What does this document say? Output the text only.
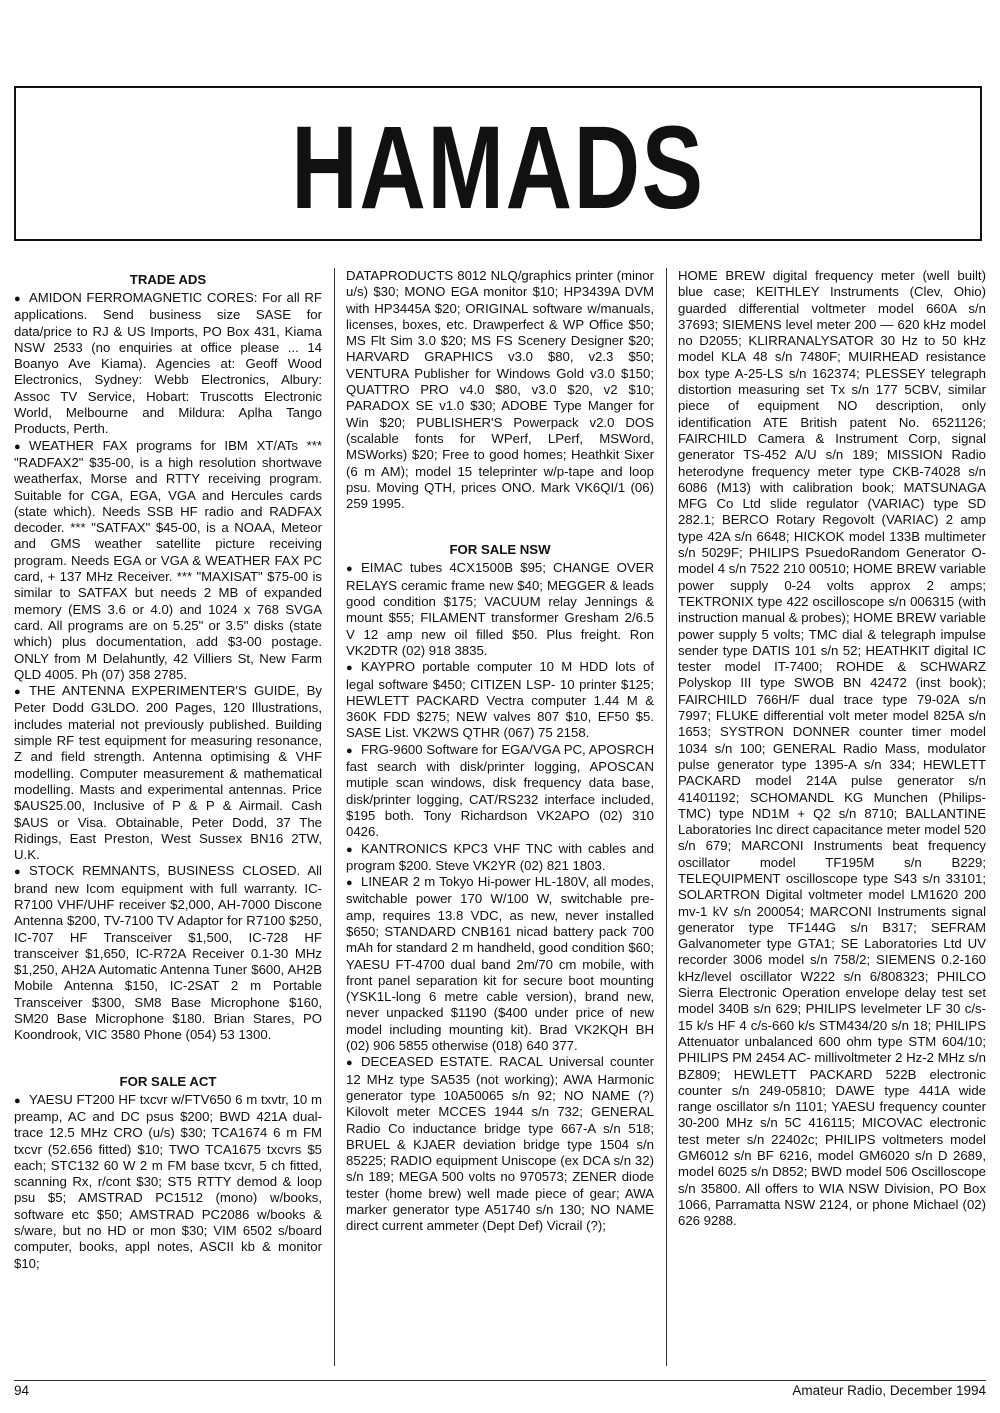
HAMADS
TRADE ADS

● AMIDON FERROMAGNETIC CORES: For all RF applications. Send business size SASE for data/price to RJ & US Imports, PO Box 431, Kiama NSW 2533 (no enquiries at office please ... 14 Boanyo Ave Kiama). Agencies at: Geoff Wood Electronics, Sydney: Webb Electronics, Albury: Assoc TV Service, Hobart: Truscotts Electronic World, Melbourne and Mildura: Aplha Tango Products, Perth.

● WEATHER FAX programs for IBM XT/ATs *** "RADFAX2" $35-00, is a high resolution shortwave weatherfax, Morse and RTTY receiving program. Suitable for CGA, EGA, VGA and Hercules cards (state which). Needs SSB HF radio and RADFAX decoder. *** "SATFAX" $45-00, is a NOAA, Meteor and GMS weather satellite picture receiving program. Needs EGA or VGA & WEATHER FAX PC card, + 137 MHz Receiver. *** "MAXISAT" $75-00 is similar to SATFAX but needs 2 MB of expanded memory (EMS 3.6 or 4.0) and 1024 x 768 SVGA card. All programs are on 5.25" or 3.5" disks (state which) plus documentation, add $3-00 postage. ONLY from M Delahuntly, 42 Villiers St, New Farm QLD 4005. Ph (07) 358 2785.

● THE ANTENNA EXPERIMENTER'S GUIDE, By Peter Dodd G3LDO. 200 Pages, 120 Illustrations, includes material not previously published. Building simple RF test equipment for measuring resonance, Z and field strength. Antenna optimising & VHF modelling. Computer measurement & mathematical modelling. Masts and experimental antennas. Price $AUS25.00, Inclusive of P & P & Airmail. Cash $AUS or Visa. Obtainable, Peter Dodd, 37 The Ridings, East Preston, West Sussex BN16 2TW, U.K.

● STOCK REMNANTS, BUSINESS CLOSED. All brand new Icom equipment with full warranty. IC-R7100 VHF/UHF receiver $2,000, AH-7000 Discone Antenna $200, TV-7100 TV Adaptor for R7100 $250, IC-707 HF Transceiver $1,500, IC-728 HF transceiver $1,650, IC-R72A Receiver 0.1-30 MHz $1,250, AH2A Automatic Antenna Tuner $600, AH2B Mobile Antenna $150, IC-2SAT 2 m Portable Transceiver $300, SM8 Base Microphone $160, SM20 Base Microphone $180. Brian Stares, PO Koondrook, VIC 3580 Phone (054) 53 1300.

FOR SALE ACT

● YAESU FT200 HF txcvr w/FTV650 6 m txvtr, 10 m preamp, AC and DC psus $200; BWD 421A dual-trace 12.5 MHz CRO (u/s) $30; TCA1674 6 m FM txcvr (52.656 fitted) $10; TWO TCA1675 txcvrs $5 each; STC132 60 W 2 m FM base txcvr, 5 ch fitted, scanning Rx, r/cont $30; ST5 RTTY demod & loop psu $5; AMSTRAD PC1512 (mono) w/books, software etc $50; AMSTRAD PC2086 w/books & s/ware, but no HD or mon $30; VIM 6502 s/board computer, books, appl notes, ASCII kb & monitor $10;

DATAPRODUCTS 8012 NLQ/graphics printer (minor u/s) $30; MONO EGA monitor $10; HP3439A DVM with HP3445A $20; ORIGINAL software w/manuals, licenses, boxes, etc. Drawperfect & WP Office $50; MS Flt Sim 3.0 $20; MS FS Scenery Designer $20; HARVARD GRAPHICS v3.0 $80, v2.3 $50; VENTURA Publisher for Windows Gold v3.0 $150; QUATTRO PRO v4.0 $80, v3.0 $20, v2 $10; PARADOX SE v1.0 $30; ADOBE Type Manger for Win $20; PUBLISHER'S Powerpack v2.0 DOS (scalable fonts for WPerf, LPerf, MSWord, MSWorks) $20; Free to good homes; Heathkit Sixer (6 m AM); model 15 teleprinter w/p-tape and loop psu. Moving QTH, prices ONO. Mark VK6QI/1 (06) 259 1995.

FOR SALE NSW

● EIMAC tubes 4CX1500B $95; CHANGE OVER RELAYS ceramic frame new $40; MEGGER & leads good condition $175; VACUUM relay Jennings & mount $55; FILAMENT transformer Gresham 2/6.5 V 12 amp new oil filled $50. Plus freight. Ron VK2DTR (02) 918 3835.

● KAYPRO portable computer 10 M HDD lots of legal software $450; CITIZEN LSP- 10 printer $125; HEWLETT PACKARD Vectra computer 1.44 M & 360K FDD $275; NEW valves 807 $10, EF50 $5. SASE List. VK2WS QTHR (067) 75 2158.

● FRG-9600 Software for EGA/VGA PC, APOSRCH fast search with disk/printer logging, APOSCAN mutiple scan windows, disk frequency data base, disk/printer logging, CAT/RS232 interface included, $195 both. Tony Richardson VK2APO (02) 310 0426.

● KANTRONICS KPC3 VHF TNC with cables and program $200. Steve VK2YR (02) 821 1803.

● LINEAR 2 m Tokyo Hi-power HL-180V, all modes, switchable power 170 W/100 W, switchable pre-amp, requires 13.8 VDC, as new, never installed $650; STANDARD CNB161 nicad battery pack 700 mAh for standard 2 m handheld, good condition $60; YAESU FT-4700 dual band 2m/70 cm mobile, with front panel separation kit for secure boot mounting (YSK1L-long 6 metre cable version), brand new, never unpacked $1190 ($400 under price of new model including mounting kit). Brad VK2KQH BH (02) 906 5855 otherwise (018) 640 377.

● DECEASED ESTATE. RACAL Universal counter 12 MHz type SA535 (not working); AWA Harmonic generator type 10A50065 s/n 92; NO NAME (?) Kilovolt meter MCCES 1944 s/n 732; GENERAL Radio Co inductance bridge type 667-A s/n 518; BRUEL & KJAER deviation bridge type 1504 s/n 85225; RADIO equipment Uniscope (ex DCA s/n 32) s/n 189; MEGA 500 volts no 970573; ZENER diode tester (home brew) well made piece of gear; AWA marker generator type A51740 s/n 130; NO NAME direct current ammeter (Dept Def) Vicrail (?);

HOME BREW digital frequency meter (well built) blue case; KEITHLEY Instruments (Clev, Ohio) guarded differential voltmeter model 660A s/n 37693; SIEMENS level meter 200 — 620 kHz model no D2055; KLIRRANALYSATOR 30 Hz to 50 kHz model KLA 48 s/n 7480F; MUIRHEAD resistance box type A-25-LS s/n 162374; PLESSEY telegraph distortion measuring set Tx s/n 177 5CBV, similar piece of equipment NO description, only identification ATE British patent No. 6521126; FAIRCHILD Camera & Instrument Corp, signal generator TS-452 A/U s/n 189; MISSION Radio heterodyne frequency meter type CKB-74028 s/n 6086 (M13) with calibration book; MATSUNAGA MFG Co Ltd slide regulator (VARIAC) type SD 282.1; BERCO Rotary Regovolt (VARIAC) 2 amp type 42A s/n 6648; HICKOK model 133B multimeter s/n 5029F; PHILIPS PsuedoRandom Generator O- model 4 s/n 7522 210 00510; HOME BREW variable power supply 0-24 volts approx 2 amps; TEKTRONIX type 422 oscilloscope s/n 006315 (with instruction manual & probes); HOME BREW variable power supply 5 volts; TMC dial & telegraph impulse sender type DATIS 101 s/n 52; HEATHKIT digital IC tester model IT-7400; ROHDE & SCHWARZ Polyskop III type SWOB BN 42472 (inst book); FAIRCHILD 766H/F dual trace type 79-02A s/n 7997; FLUKE differential volt meter model 825A s/n 1653; SYSTRON DONNER counter timer model 1034 s/n 100; GENERAL Radio Mass, modulator pulse generator type 1395-A s/n 334; HEWLETT PACKARD model 214A pulse generator s/n 41401192; SCHOMANDL KG Munchen (Philips-TMC) type ND1M + Q2 s/n 8710; BALLANTINE Laboratories Inc direct capacitance meter model 520 s/n 679; MARCONI Instruments beat frequency oscillator model TF195M s/n B229; TELEQUIPMENT oscilloscope type S43 s/n 33101; SOLARTRON Digital voltmeter model LM1620 200 mv-1 kV s/n 200054; MARCONI Instruments signal generator type TF144G s/n B317; SEFRAM Galvanometer type GTA1; SE Laboratories Ltd UV recorder 3006 model s/n 758/2; SIEMENS 0.2-160 kHz/level oscillator W222 s/n 6/808323; PHILCO Sierra Electronic Operation envelope delay test set model 340B s/n 629; PHILIPS levelmeter LF 30 c/s-15 k/s HF 4 c/s-660 k/s STM434/20 s/n 18; PHILIPS Attenuator unbalanced 600 ohm type STM 604/10; PHILIPS PM 2454 AC- millivoltmeter 2 Hz-2 MHz s/n BZ809; HEWLETT PACKARD 522B electronic counter s/n 249-05810; DAWE type 441A wide range oscillator s/n 1101; YAESU frequency counter 30-200 MHz s/n 5C 416115; MICOVAC electronic test meter s/n 22402c; PHILIPS voltmeters model GM6012 s/n BF 6216, model GM6020 s/n D 2689, model 6025 s/n D852; BWD model 506 Oscilloscope s/n 35800. All offers to WIA NSW Division, PO Box 1066, Parramatta NSW 2124, or phone Michael (02) 626 9288.

94	Amateur Radio, December 1994
